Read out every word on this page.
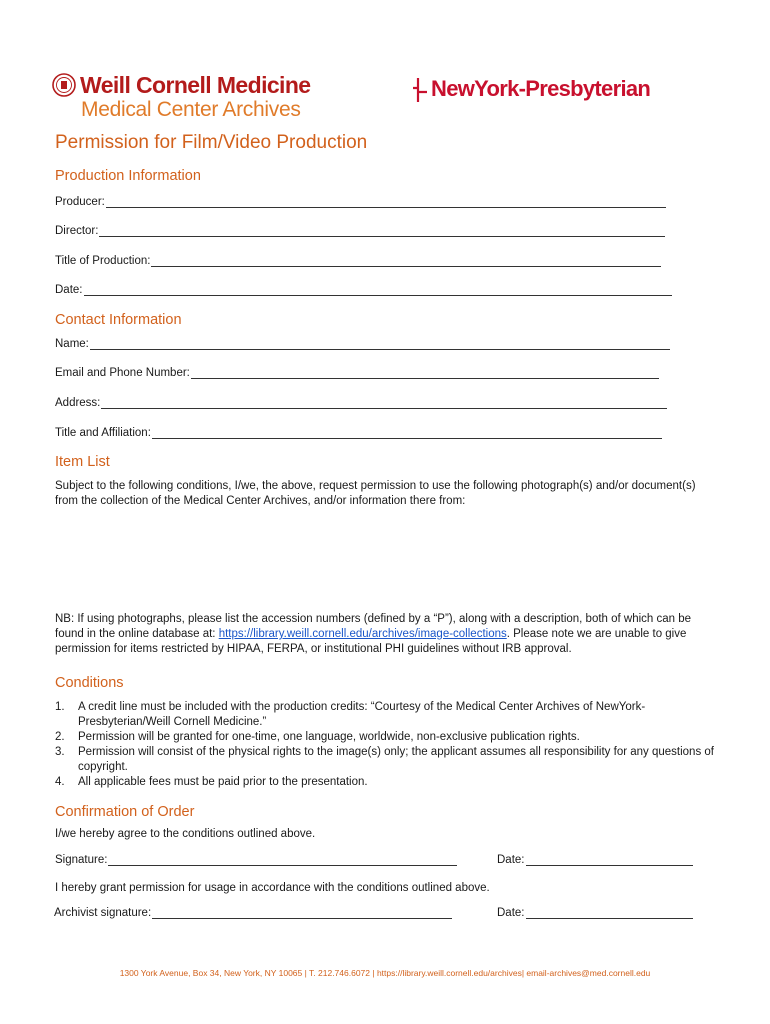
Weill Cornell Medicine
Medical Center Archives
NewYork-Presbyterian
Permission for Film/Video Production
Production Information
Producer:
Director:
Title of Production:
Date:
Contact Information
Name:
Email and Phone Number:
Address:
Title and Affiliation:
Item List
Subject to the following conditions, I/we, the above, request permission to use the following photograph(s) and/or document(s) from the collection of the Medical Center Archives, and/or information there from:
NB: If using photographs, please list the accession numbers (defined by a “P”), along with a description, both of which can be found in the online database at: https://library.weill.cornell.edu/archives/image-collections. Please note we are unable to give permission for items restricted by HIPAA, FERPA, or institutional PHI guidelines without IRB approval.
Conditions
1.	A credit line must be included with the production credits: “Courtesy of the Medical Center Archives of NewYork-Presbyterian/Weill Cornell Medicine.”
2.	Permission will be granted for one-time, one language, worldwide, non-exclusive publication rights.
3.	Permission will consist of the physical rights to the image(s) only; the applicant assumes all responsibility for any questions of copyright.
4.	All applicable fees must be paid prior to the presentation.
Confirmation of Order
I/we hereby agree to the conditions outlined above.
Signature:	Date:
I hereby grant permission for usage in accordance with the conditions outlined above.
Archivist signature:	Date:
1300 York Avenue, Box 34, New York, NY 10065 | T. 212.746.6072 | https://library.weill.cornell.edu/archives| email-archives@med.cornell.edu
